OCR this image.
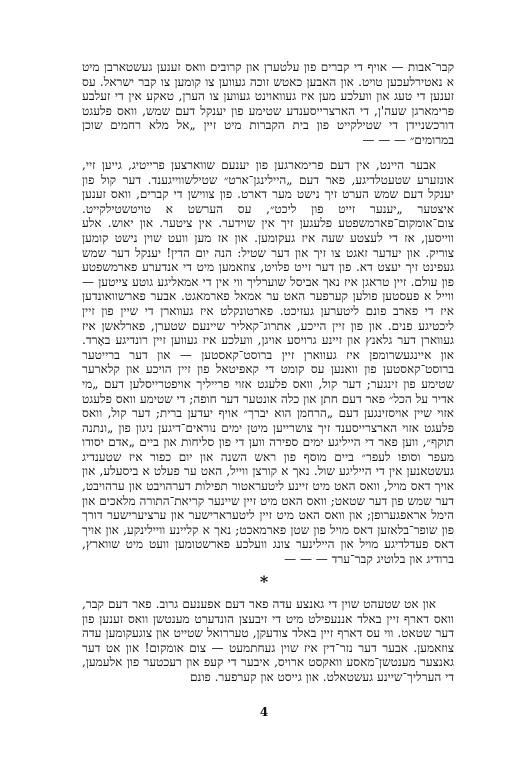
קבר־אבות — אויף די קברים פון עלטערן און קרובים וואס זענען געשטארבן מיט א נאטירלעכען טויט. און האבען כאטש זוכה געווען צו קומען צו קבר ישראל. עס זענען די טעג און וועלכע מען איז געוואוינט געווען צו הערן, טאקע אין די זעלבע פרימארגן שעה'ן, די הארצרייסענדע שטימע פון יענקל דעם שמש, וואס פלעגט דורכשניידן די שטילקייט פון בית הקברות מיט זיין „אל מלא רחמים שוכן במרומים״ — — —

אבער היינט, אין דעם פרימארגען פון יענעם שווארצען פרייטיג, גייען זיי, אונזערע שטעטלדיגע, פאר דעם „היילינגן־ארט״ שטילשווייגענד. דער קול פון יענקל דעם שמש הערט זיך נישט מער דארט. פון צווישן די קברים, וואס זענען איצטער „יענער זייט פון ליכט״, עס הערשט א טויטשטילקייט. צום־אומקום־פארמשפטע פלעגען זיך אין שוידער. אין ציטער. און יאוש. אלע ווייסען, אז די לעצטע שעה איז געקומען. און אז מען וועט שוין נישט קומען צוריק. און יעדער זאגט צו זיך און דער שטיל: הנה יום הדין! יענקל דער שמש געפינט זיך יעצט דא. פון דער זייט פלויט, צוזאמען מיט די אנדערע פארמשפטע פון עולם. זיין טראגן איז נאך אביסל שוערליך ווי אין די אמאליגע גוטע צייטען — ווייל א פעסטען פולען קערפער האט ער אמאל פארמאגט. אבער פארשוואונדען איז די פארב פונם ליטערען געזיכט. פארטונקלט איז געווארן די שיין פון זיין ליכטיגע פנים. און פון זיין הייכע, אתרוג־קאליר שיינעם שטערן, פארלאשן איז געווארן דער גלאנץ און זיינע גרויסע אויגן, וועלכע איז געווען זיין רונדיגע באָרד. און איינגעשרומפן איז געווארן זיין ברוסט־קאסטען — און דער ברייטער ברוסט־קאסטען פון וואנען עס קומט די קאפיטאל פון זיין הויכע און קלארער שטימע פון זינגער; דער קול, וואס פלעגט אזוי פרייליך אויפטרייסלען דעם „מי אדיר על הכל״ פאר דעם חתן און כלה אונטער דער חופה; די שטימע וואס פלעגט אזוי שיין אויסזינגען דעם „הרחמן הוא יברך״ אויף יעדען ברית; דער קול, וואס פלעגט אזוי הארצרייסענד זיך צושרייען מיטן ימים נוראים־דיגען ניגון פון „ונתנה תוקף״, ווען פאר די הייליגע ימים ספירה ווען די פון סליחות און ביים „אדם יסודו מעפר וסופו לעפר״ ביים מוסף פון ראש השנה און יום כפור איז שטענדיג געשטאנען אין די הייליגע שול. נאך א קורצן ווייל, האט ער פעלט א ביסעלע, און אויך דאס מויל, וואס האט מיט זיינע ליטעראטור תפילות דערהויבט און ערהויבט, דער שמש פון דער שטאט; וואס האט מיט זיין שיינער קריאת־התורה מלאכים און הימל אראפגערופן; און וואס האט מיט זיין ליטערארישער און ערציערישער דורך פון שופר־בלאזען דאס מויל פון שטן פארמאכט; נאך א קליינע וויילינקע, און אויך דאס פעדלדיגע מויל און היילינער צונג וועלכע פארשטומען וועט מיט שווארץ, ברודיג און בלוטיג קבר־ערד — — —

*

און אט שטעהט שוין די גאנצע עדה פאר דעם אפענעם גרוב. פאר דעם קבר, וואס דארף זיין באלד אננעפילט מיט די זיבעצן הונדערט מענטשן וואס זענען פון דער שטאט. ווי עס דארף זיין באלד צודעקן, טעררואל שטייט און צוגעקומען עדה צוזאמען. אבער דער נזר־דין איז שוין געחתמעט — צום אומקום! און אט דער גאנצער מענטשן־מאסע וואקסט ארויס, איבער די קעפ און רעכטער פון אלעמען, די הערליך־שיינע געשטאלט. און גייסט און קערפער. פונם

4
